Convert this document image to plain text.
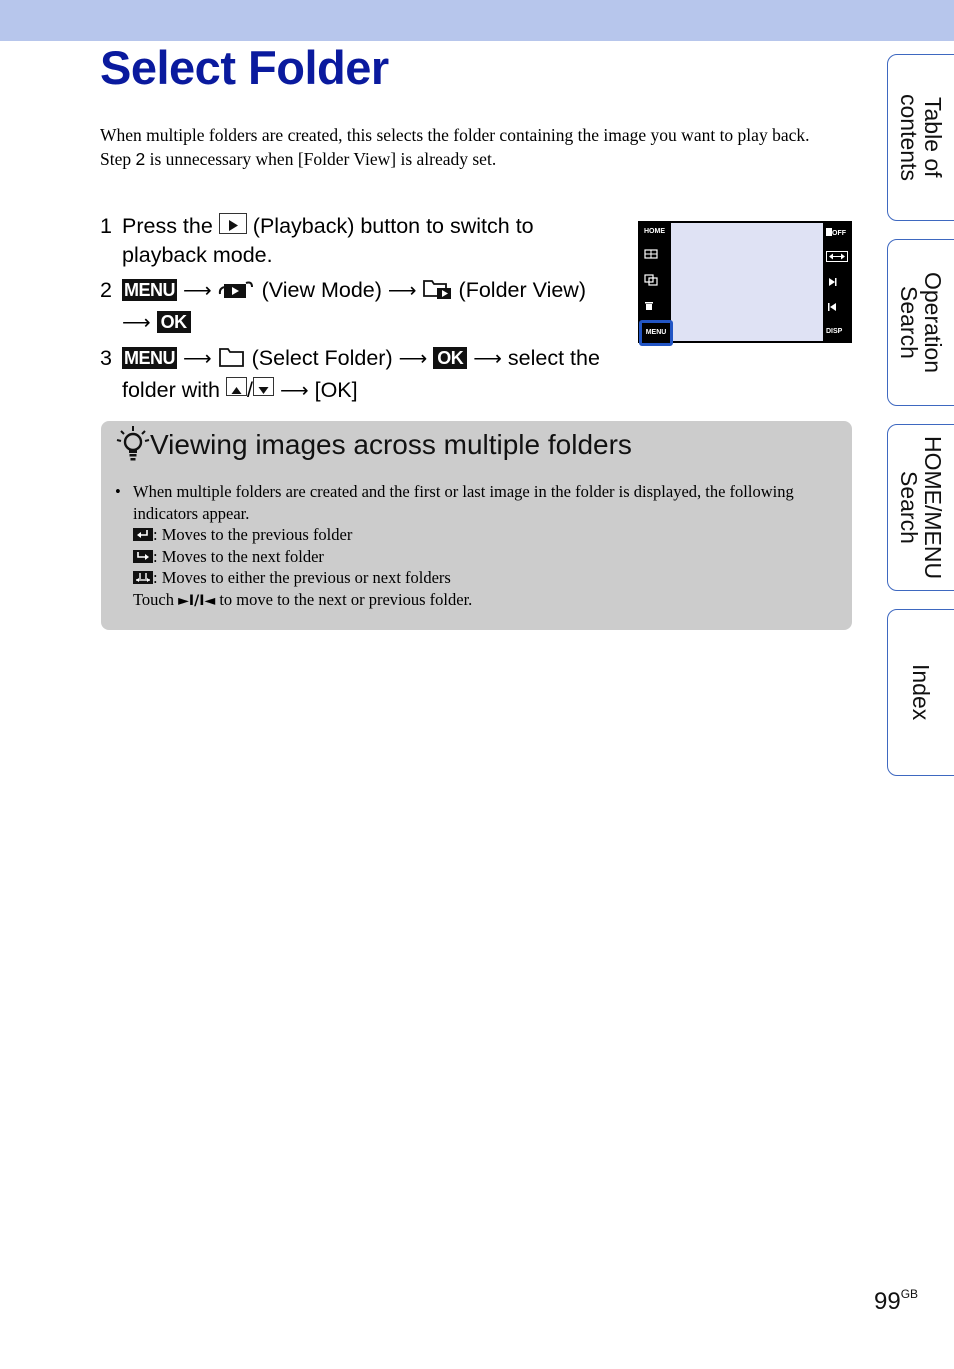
Select Folder

When multiple folders are created, this selects the folder containing the image you want to play back.

Step 2 is unnecessary when [Folder View] is already set.

1 Press the (Playback) button to switch to playback mode.
2 MENU ⟶ (View Mode) ⟶ (Folder View)
⟶ OK
3 MENU ⟶ (Select Folder) ⟶ OK ⟶ select the
folder with / ⟶ [OK]
HOME
MENU
OFF
DISP
Viewing images across multiple folders
• When multiple folders are created and the first or last image in the folder is displayed, the following indicators appear.
: Moves to the previous folder
: Moves to the next folder
: Moves to either the previous or next folders
Touch ►I/I◄ to move to the next or previous folder.
Table of contents
Operation Search
HOME/MENU Search
Index
$99^{GB}$
